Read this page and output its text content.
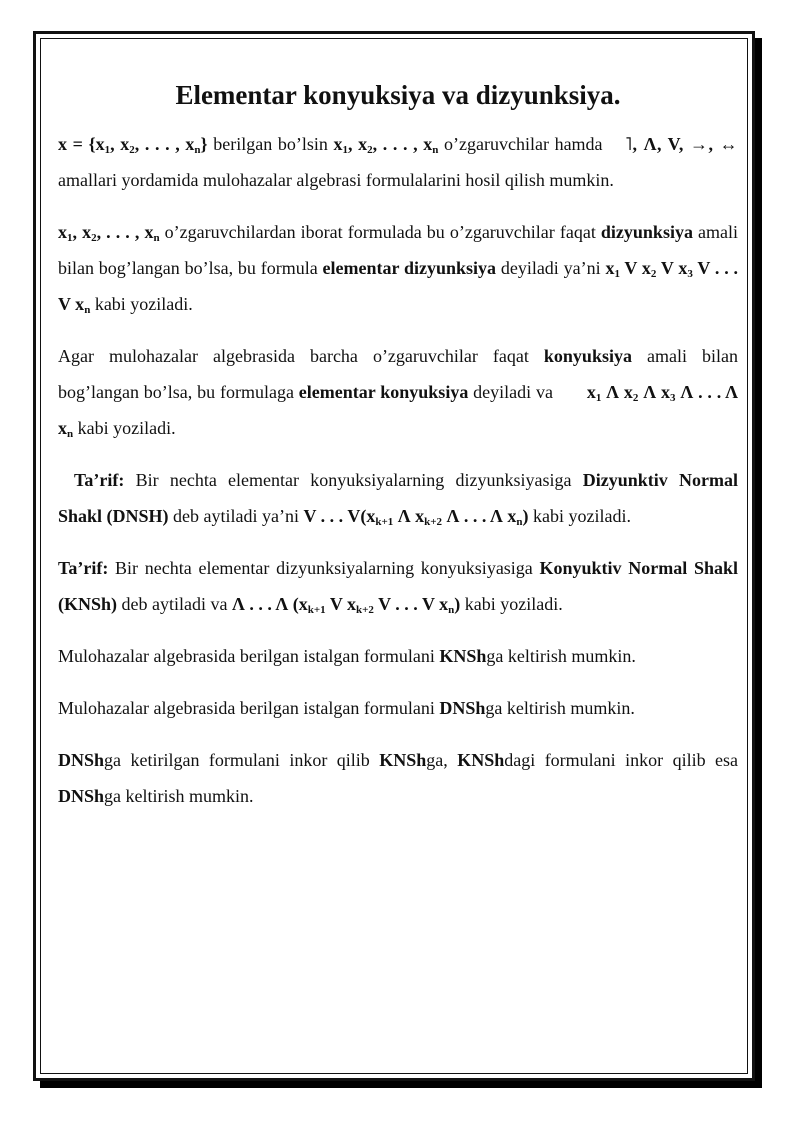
Elementar konyuksiya va dizyunksiya.

$x = \{x_1$, $x_2$, . . . , $x_n$} berilgan bo’lsin $x_1$, $x_2$, . . . , $x_n$ o’zgaruvchilar hamda    ˥, Λ, V, →, ↔ amallari yordamida mulohazalar algebrasi formulalarini hosil qilish mumkin.

$x_1$, $x_2$, . . . , $x_n$ o’zgaruvchilardan iborat formulada bu o’zgaruvchilar faqat dizyunksiya amali bilan bog’langan bo’lsa, bu formula elementar dizyunksiya deyiladi ya’ni $x_1$ V $x_2$ V $x_3$ V . . . V $x_n$ kabi yoziladi.

Agar mulohazalar algebrasida barcha o’zgaruvchilar faqat konyuksiya amali bilan bog’langan bo’lsa, bu formulaga elementar konyuksiya deyiladi va       $x_1$ Λ $x_2$ Λ $x_3$ Λ . . . Λ $x_n$ kabi yoziladi.

Ta’rif: Bir nechta elementar konyuksiyalarning dizyunksiyasiga Dizyunktiv Normal Shakl (DNSH) deb aytiladi ya’ni V . . . $V(x_{k+1}$ Λ $x_{k+2}$ Λ . . . Λ $x_n$) kabi yoziladi.

Ta’rif: Bir nechta elementar dizyunksiyalarning konyuksiyasiga Konyuktiv Normal Shakl (KNSh) deb aytiladi va Λ . . . Λ ($x_{k+1}$ V $x_{k+2}$ V . . . V $x_n$) kabi yoziladi.

Mulohazalar algebrasida berilgan istalgan formulani KNShga keltirish mumkin.

Mulohazalar algebrasida berilgan istalgan formulani DNShga keltirish mumkin.

DNShga ketirilgan formulani inkor qilib KNShga, KNShdagi formulani inkor qilib esa DNShga keltirish mumkin.
